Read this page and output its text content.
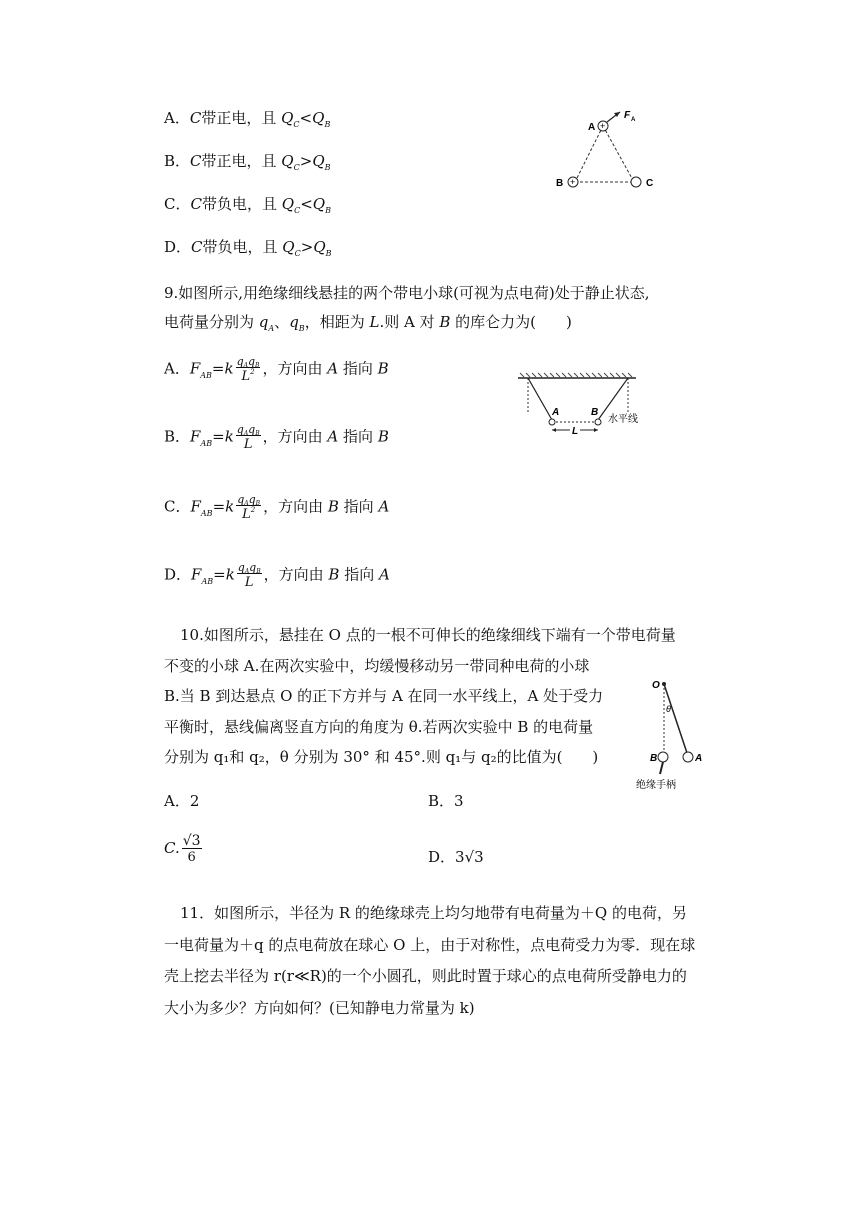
A．C带正电，且 $Q_C<Q_B$
B．C带正电，且 $Q_C>Q_B$
C．C带负电，且 $Q_C<Q_B$
D．C带负电，且 $Q_C>Q_B$
+
+
A
B	C
F A
9.如图所示,用绝缘细线悬挂的两个带电小球(可视为点电荷)处于静止状态,
电荷量分别为 $q_A$、$q_B$，相距为 L.则 A 对 B 的库仑力为(　　)
A．$F_{AB}=k \frac{\text{qAqB}}{L^2}$ ，方向由 A 指向 B
B．$F_{AB}=k \frac{\text{qAqB}}{L}$ ，方向由 A 指向 B
C．$F_{AB}=k \frac{\text{qAqB}}{L^2}$ ，方向由 B 指向 A
D．$F_{AB}=k \frac{\text{qAqB}}{L}$ ，方向由 B 指向 A
A	B
L
水平线
10.如图所示，悬挂在 O 点的一根不可伸长的绝缘细线下端有一个带电荷量
不变的小球 A.在两次实验中，均缓慢移动另一带同种电荷的小球
B.当 B 到达悬点 O 的正下方并与 A 在同一水平线上，A 处于受力
平衡时，悬线偏离竖直方向的角度为 θ.若两次实验中 B 的电荷量
分别为 q₁和 q₂，θ 分别为 30° 和 45°.则 q₁与 q₂的比值为(　　)
O
θ
B	A
绝缘手柄
A．2	B．3
C. $\frac{√3}{6}$	D．3√3
11．如图所示，半径为 R 的绝缘球壳上均匀地带有电荷量为＋Q 的电荷，另
一电荷量为＋q 的点电荷放在球心 O 上，由于对称性，点电荷受力为零．现在球
壳上挖去半径为 r(r≪R)的一个小圆孔，则此时置于球心的点电荷所受静电力的
大小为多少？方向如何？(已知静电力常量为 k)
